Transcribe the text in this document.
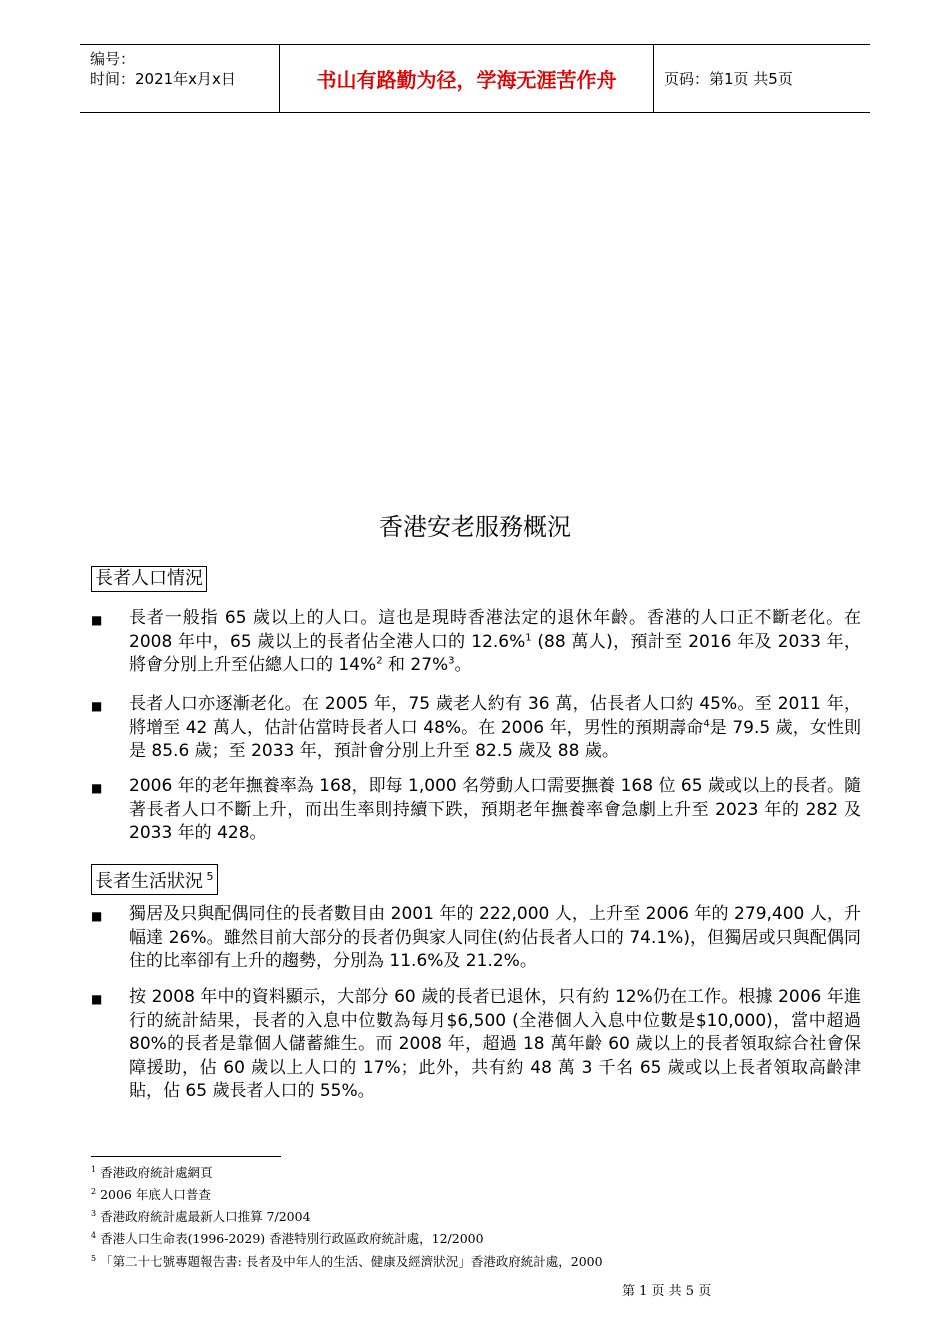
编号：
时间：2021年x月x日	书山有路勤为径，学海无涯苦作舟	页码：第1页 共5页
香港安老服務概況
長者人口情況
■ 長者一般指 65 歲以上的人口。這也是現時香港法定的退休年齡。香港的人口正不斷老化。在 2008 年中，65 歲以上的長者佔全港人口的 12.6%$^1$ (88 萬人)，預計至 2016 年及 2033 年，將會分別上升至佔總人口的 14%$^2$ 和 27%$^3$。
■ 長者人口亦逐漸老化。在 2005 年，75 歲老人約有 36 萬，佔長者人口約 45%。至 2011 年，將增至 42 萬人，估計佔當時長者人口 48%。在 2006 年，男性的預期壽命$^4$是 79.5 歲，女性則是 85.6 歲；至 2033 年，預計會分別上升至 82.5 歲及 88 歲。
■ 2006 年的老年撫養率為 168，即每 1,000 名勞動人口需要撫養 168 位 65 歲或以上的長者。隨著長者人口不斷上升，而出生率則持續下跌，預期老年撫養率會急劇上升至 2023 年的 282 及 2033 年的 428。
長者生活狀況 $^5$
■ 獨居及只與配偶同住的長者數目由 2001 年的 222,000 人，上升至 2006 年的 279,400 人，升幅達 26%。雖然目前大部分的長者仍與家人同住(約佔長者人口的 74.1%)，但獨居或只與配偶同住的比率卻有上升的趨勢，分別為 11.6%及 21.2%。
■ 按 2008 年中的資料顯示，大部分 60 歲的長者已退休，只有約 12%仍在工作。根據 2006 年進行的統計結果，長者的入息中位數為每月$6,500 (全港個人入息中位數是$10,000)，當中超過 80%的長者是靠個人儲蓄維生。而 2008 年，超過 18 萬年齡 60 歲以上的長者領取綜合社會保障援助，佔 60 歲以上人口的 17%；此外，共有約 48 萬 3 千名 65 歲或以上長者領取高齡津貼，佔 65 歲長者人口的 55%。
$^1$ 香港政府統計處網頁
$^2$ 2006 年底人口普查
$^3$ 香港政府統計處最新人口推算 7/2004
$^4$ 香港人口生命表(1996-2029) 香港特別行政區政府統計處，12/2000
$^5$ 「第二十七號專題報告書: 長者及中年人的生活、健康及經濟狀況」香港政府統計處，2000
第 1 页 共 5 页
